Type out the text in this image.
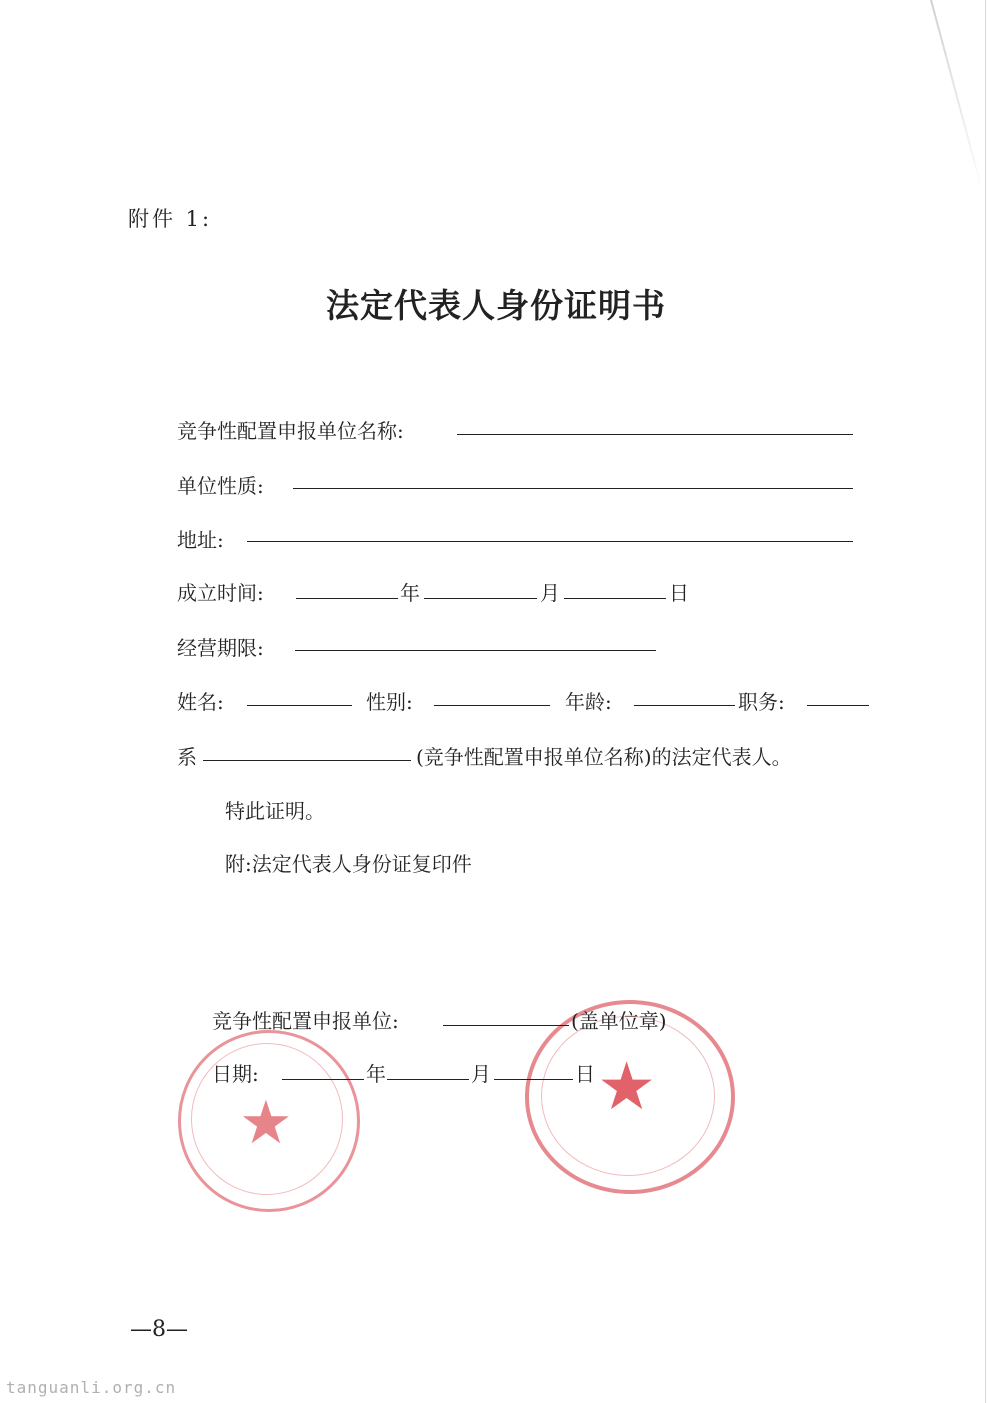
附件 1:
法定代表人身份证明书
竞争性配置申报单位名称:
单位性质:
地址:
成立时间:	年	月	日
经营期限:
姓名:	性别:	年龄:	职务:
系	(竞争性配置申报单位名称)的法定代表人。
特此证明。
附:法定代表人身份证复印件
★	★
竞争性配置申报单位:	(盖单位章)
日期:	年	月	日
—8—
tanguanli.org.cn
